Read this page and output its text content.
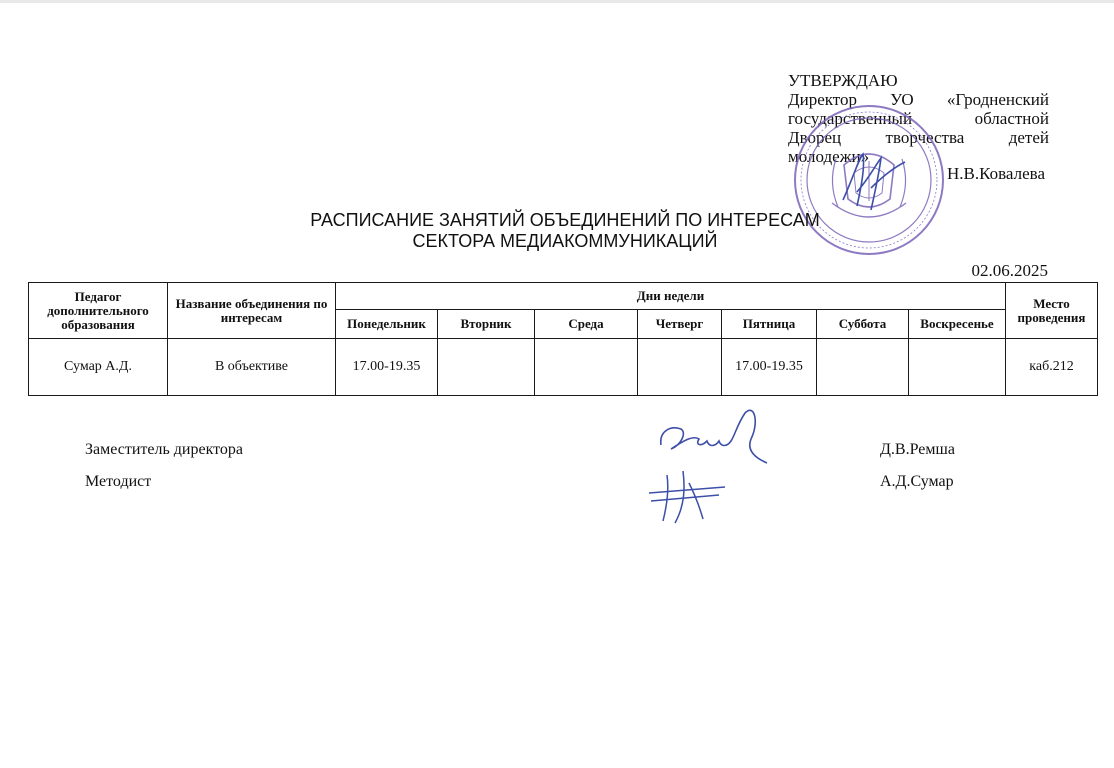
УТВЕРЖДАЮ
Директор УО «Гродненский
государственный областной
Дворец творчества детей
молодежи»
Н.В.Ковалева
РАСПИСАНИЕ ЗАНЯТИЙ ОБЪЕДИНЕНИЙ ПО ИНТЕРЕСАМ
СЕКТОРА МЕДИАКОММУНИКАЦИЙ
02.06.2025
Педагог дополнительного образования	Название объединения по интересам	Дни недели							Место проведения
		Понедельник	Вторник	Среда	Четверг	Пятница	Суббота	Воскресенье	
Сумар А.Д.	В объективе	17.00-19.35				17.00-19.35			каб.212
Заместитель директора	Д.В.Ремша
Методист	А.Д.Сумар
